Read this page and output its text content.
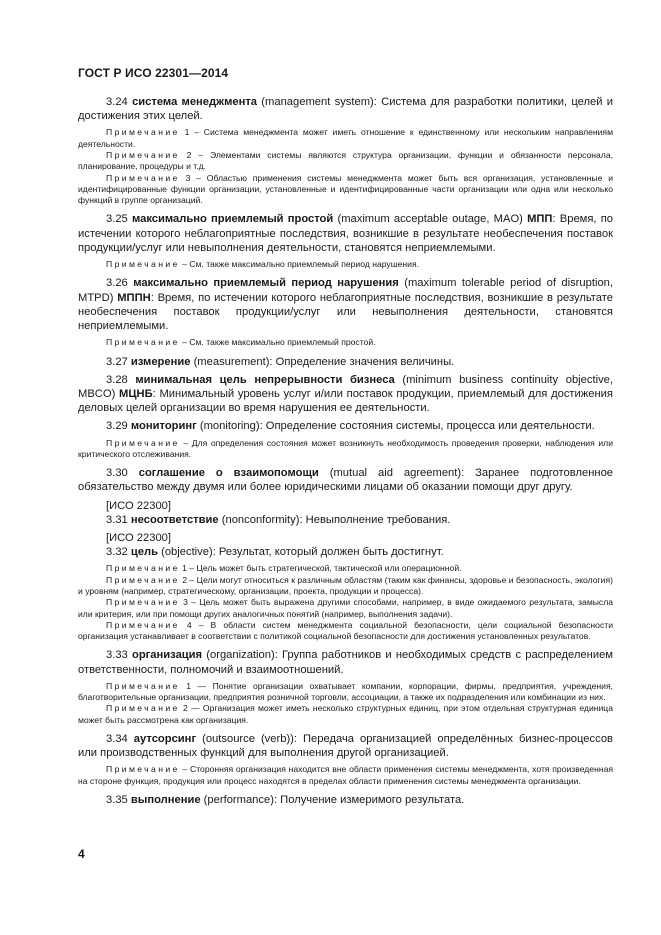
ГОСТ Р ИСО 22301—2014

3.24 система менеджмента (management system): Система для разработки политики, целей и достижения этих целей.

Примечание 1 – Система менеджмента может иметь отношение к единственному или нескольким направлениям деятельности.

Примечание 2 – Элементами системы являются структура организации, функции и обязанности персонала, планирование, процедуры и т.д.

Примечание 3 – Областью применения системы менеджмента может быть вся организация, установленные и идентифицированные функции организации, установленные и идентифицированные части организации или одна или несколько функций в группе организаций.

3.25 максимально приемлемый простой (maximum acceptable outage, MAO) МПП: Время, по истечении которого неблагоприятные последствия, возникшие в результате необеспечения поставок продукции/услуг или невыполнения деятельности, становятся неприемлемыми.

Примечание – См. также максимально приемлемый период нарушения.

3.26 максимально приемлемый период нарушения (maximum tolerable period of disruption, MTPD) МППН: Время, по истечении которого неблагоприятные последствия, возникшие в результате необеспечения поставок продукции/услуг или невыполнения деятельности, становятся неприемлемыми.

Примечание – См. также максимально приемлемый простой.

3.27 измерение (measurement): Определение значения величины.

3.28 минимальная цель непрерывности бизнеса (minimum business continuity objective, MBCO) МЦНБ: Минимальный уровень услуг и/или поставок продукции, приемлемый для достижения деловых целей организации во время нарушения ее деятельности.

3.29 мониторинг (monitoring): Определение состояния системы, процесса или деятельности.

Примечание – Для определения состояния может возникнуть необходимость проведения проверки, наблюдения или критического отслеживания.

3.30 соглашение о взаимопомощи (mutual aid agreement): Заранее подготовленное обязательство между двумя или более юридическими лицами об оказании помощи друг другу.

[ИСО 22300]

3.31 несоответствие (nonconformity): Невыполнение требования.

[ИСО 22300]

3.32 цель (objective): Результат, который должен быть достигнут.

Примечание 1 – Цель может быть стратегической, тактической или операционной.

Примечание 2 – Цели могут относиться к различным областям (таким как финансы, здоровье и безопасность, экология) и уровням (например, стратегическому, организации, проекта, продукции и процесса).

Примечание 3 – Цель может быть выражена другими способами, например, в виде ожидаемого результата, замысла или критерия, или при помощи других аналогичных понятий (например, выполнения задачи).

Примечание 4 – В области систем менеджмента социальной безопасности, цели социальной безопасности организация устанавливает в соответствии с политикой социальной безопасности для достижения установленных результатов.

3.33 организация (organization): Группа работников и необходимых средств с распределением ответственности, полномочий и взаимоотношений.

Примечание 1 — Понятие организации охватывает компании, корпорации, фирмы, предприятия, учреждения, благотворительные организации, предприятия розничной торговли, ассоциации, а также их подразделения или комбинации из них.

Примечание 2 — Организация может иметь несколько структурных единиц, при этом отдельная структурная единица может быть рассмотрена как организация.

3.34 аутсорсинг (outsource (verb)): Передача организацией определённых бизнес-процессов или производственных функций для выполнения другой организацией.

Примечание – Сторонняя организация находится вне области применения системы менеджмента, хотя произведенная на стороне функция, продукция или процесс находятся в пределах области применения системы менеджмента организации.

3.35 выполнение (performance): Получение измеримого результата.

4
